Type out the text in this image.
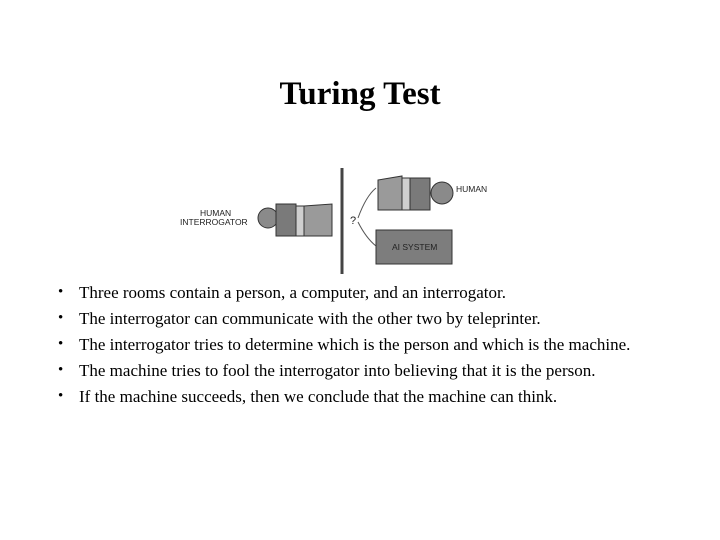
Turing Test
HUMAN
INTERROGATOR	?
HUMAN
AI SYSTEM
• Three rooms contain a person, a computer, and an interrogator.
• The interrogator can communicate with the other two by teleprinter.
• The interrogator tries to determine which is the person and which is the machine.
• The machine tries to fool the interrogator into believing that it is the person.
• If the machine succeeds, then we conclude that the machine can think.
